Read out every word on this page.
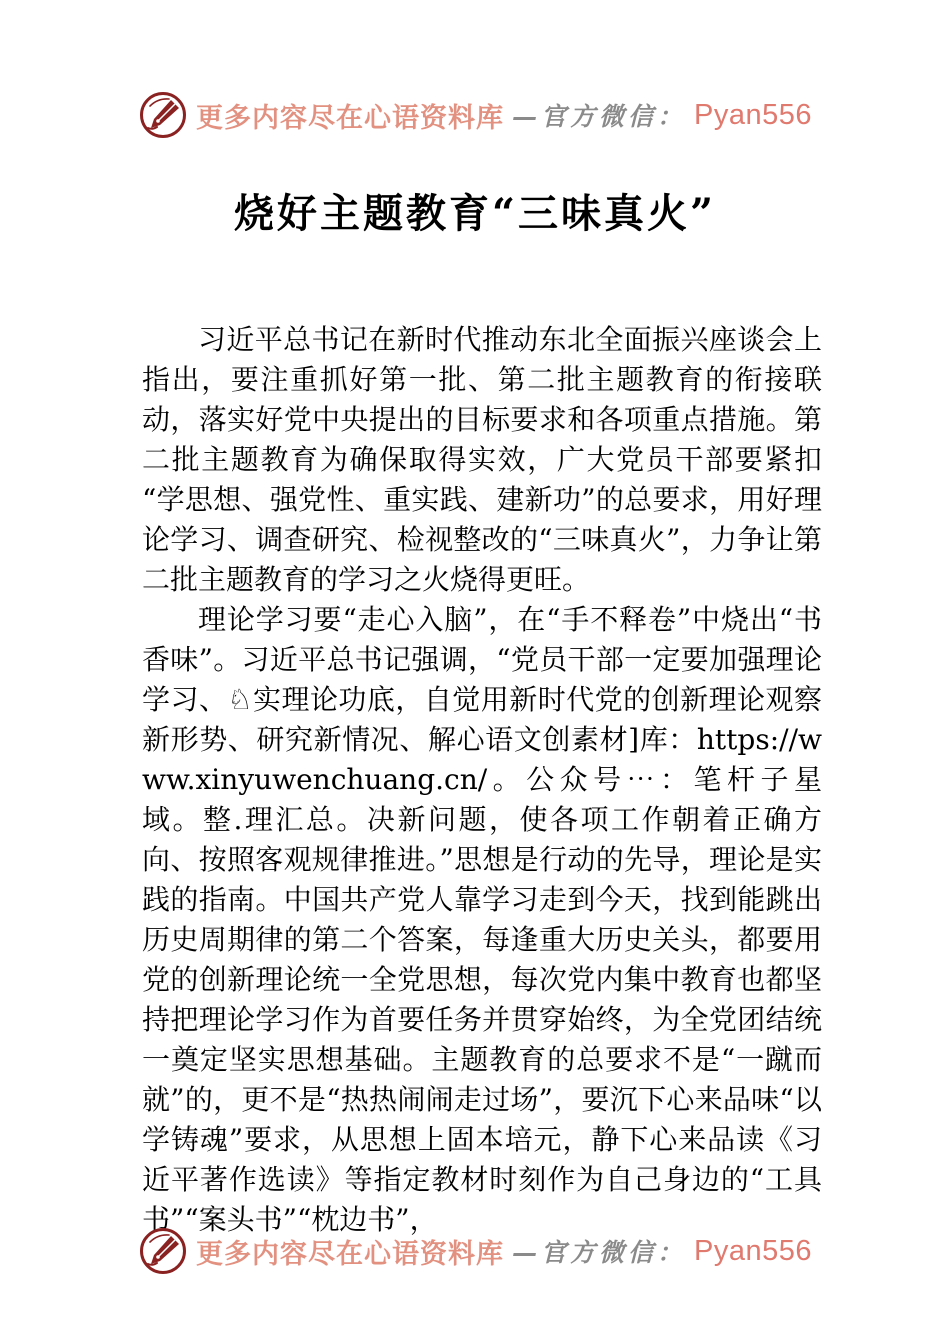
更多内容尽在心语资料库 —官方微信： Pyan556
烧好主题教育“三味真火”

习近平总书记在新时代推动东北全面振兴座谈会上指出，要注重抓好第一批、第二批主题教育的衔接联动，落实好党中央提出的目标要求和各项重点措施。第二批主题教育为确保取得实效，广大党员干部要紧扣“学思想、强党性、重实践、建新功”的总要求，用好理论学习、调查研究、检视整改的“三味真火”，力争让第二批主题教育的学习之火烧得更旺。

理论学习要“走心入脑”，在“手不释卷”中烧出“书香味”。习近平总书记强调，“党员干部一定要加强理论学习、♘实理论功底，自觉用新时代党的创新理论观察新形势、研究新情况、解心语文创素材]库：https://www.xinyuwenchuang.cn/。公众号⋯：笔杆子星域。整.理汇总。决新问题，使各项工作朝着正确方向、按照客观规律推进。”思想是行动的先导，理论是实践的指南。中国共产党人靠学习走到今天，找到能跳出历史周期律的第二个答案，每逢重大历史关头，都要用党的创新理论统一全党思想，每次党内集中教育也都坚持把理论学习作为首要任务并贯穿始终，为全党团结统一奠定坚实思想基础。主题教育的总要求不是“一蹴而就”的，更不是“热热闹闹走过场”，要沉下心来品味“以学铸魂”要求，从思想上固本培元，静下心来品读《习近平著作选读》等指定教材时刻作为自己身边的“工具书”“案头书”“枕边书”，

更多内容尽在心语资料库 —官方微信： Pyan556
